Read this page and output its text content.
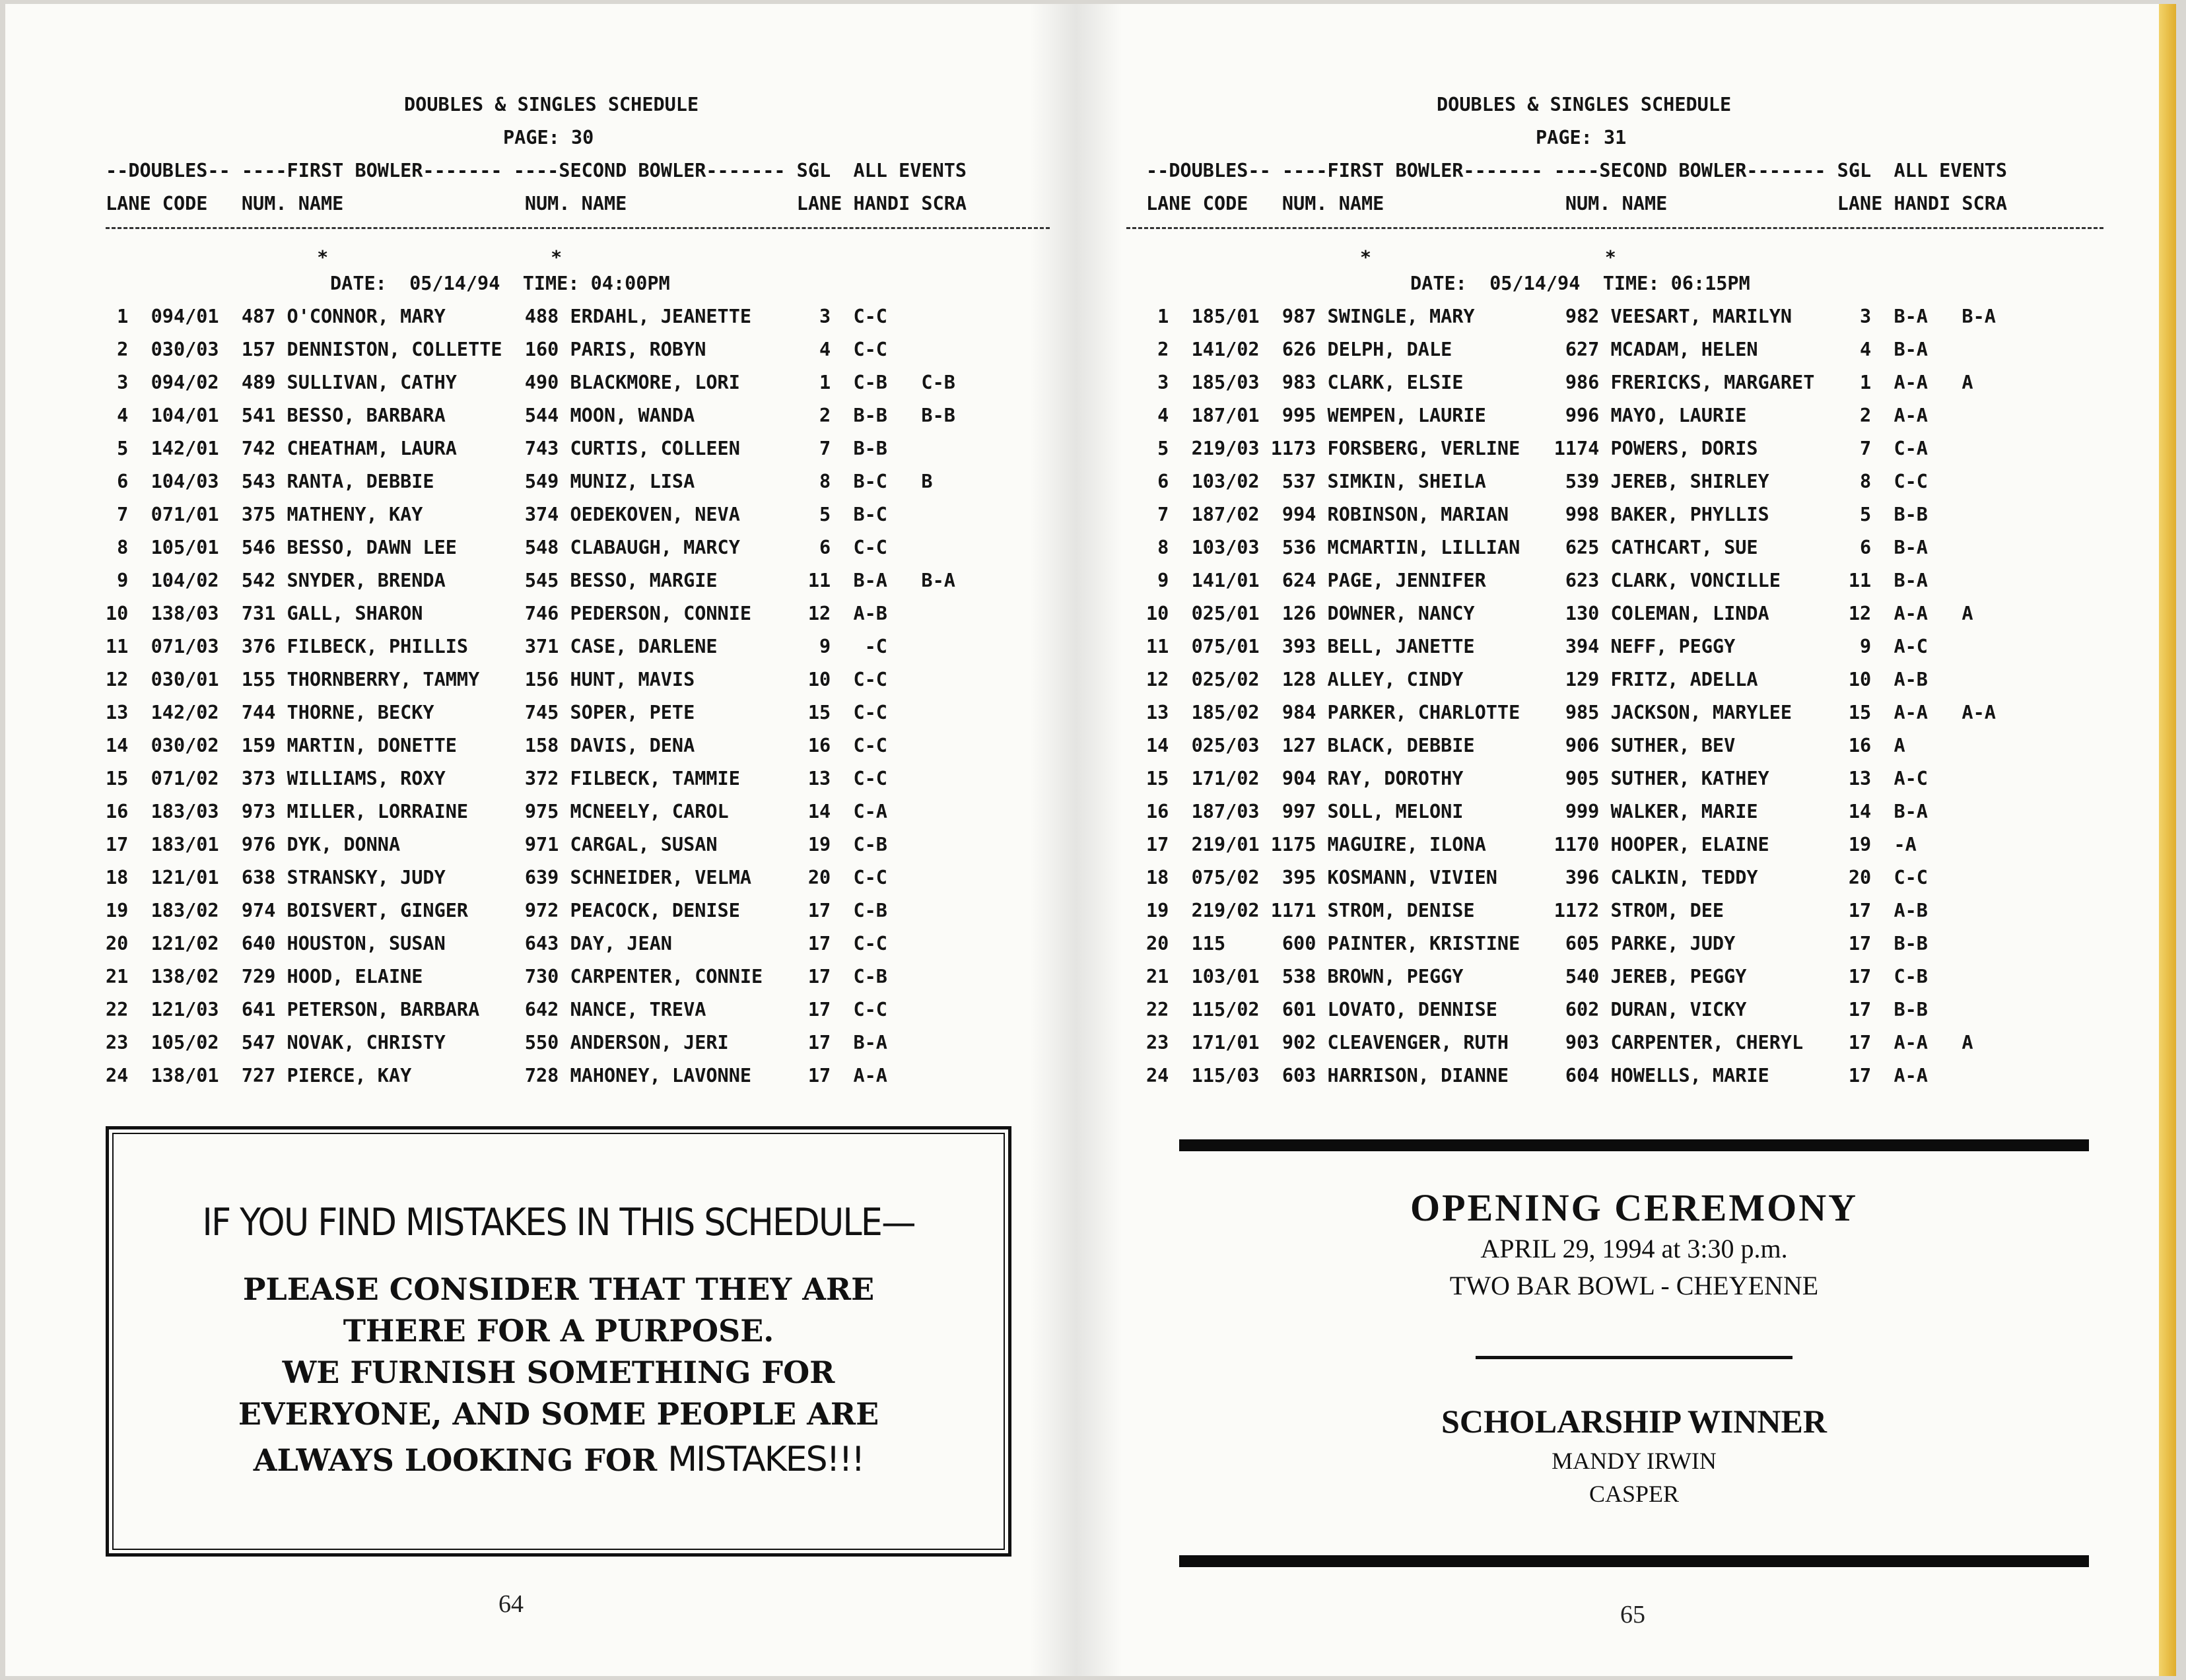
DOUBLES & SINGLES SCHEDULE
PAGE: 30
--DOUBLES-- ----FIRST BOWLER------- ----SECOND BOWLER------- SGL  ALL EVENTS
LANE CODE   NUM. NAME                NUM. NAME               LANE HANDI SCRA
*                    *
DATE:  05/14/94  TIME: 04:00PM
1  094/01  487 O'CONNOR, MARY       488 ERDAHL, JEANETTE      3  C-C
2  030/03  157 DENNISTON, COLLETTE  160 PARIS, ROBYN          4  C-C
3  094/02  489 SULLIVAN, CATHY      490 BLACKMORE, LORI       1  C-B   C-B
4  104/01  541 BESSO, BARBARA       544 MOON, WANDA           2  B-B   B-B
5  142/01  742 CHEATHAM, LAURA      743 CURTIS, COLLEEN       7  B-B
6  104/03  543 RANTA, DEBBIE        549 MUNIZ, LISA           8  B-C   B
7  071/01  375 MATHENY, KAY         374 OEDEKOVEN, NEVA       5  B-C
8  105/01  546 BESSO, DAWN LEE      548 CLABAUGH, MARCY       6  C-C
9  104/02  542 SNYDER, BRENDA       545 BESSO, MARGIE        11  B-A   B-A
10  138/03  731 GALL, SHARON         746 PEDERSON, CONNIE     12  A-B
11  071/03  376 FILBECK, PHILLIS     371 CASE, DARLENE         9   -C
12  030/01  155 THORNBERRY, TAMMY    156 HUNT, MAVIS          10  C-C
13  142/02  744 THORNE, BECKY        745 SOPER, PETE          15  C-C
14  030/02  159 MARTIN, DONETTE      158 DAVIS, DENA          16  C-C
15  071/02  373 WILLIAMS, ROXY       372 FILBECK, TAMMIE      13  C-C
16  183/03  973 MILLER, LORRAINE     975 MCNEELY, CAROL       14  C-A
17  183/01  976 DYK, DONNA           971 CARGAL, SUSAN        19  C-B
18  121/01  638 STRANSKY, JUDY       639 SCHNEIDER, VELMA     20  C-C
19  183/02  974 BOISVERT, GINGER     972 PEACOCK, DENISE      17  C-B
20  121/02  640 HOUSTON, SUSAN       643 DAY, JEAN            17  C-C
21  138/02  729 HOOD, ELAINE         730 CARPENTER, CONNIE    17  C-B
22  121/03  641 PETERSON, BARBARA    642 NANCE, TREVA         17  C-C
23  105/02  547 NOVAK, CHRISTY       550 ANDERSON, JERI       17  B-A
24  138/01  727 PIERCE, KAY          728 MAHONEY, LAVONNE     17  A-A
IF YOU FIND MISTAKES IN THIS SCHEDULE—
PLEASE CONSIDER THAT THEY ARE
THERE FOR A PURPOSE.
WE FURNISH SOMETHING FOR
EVERYONE, AND SOME PEOPLE ARE
ALWAYS LOOKING FOR MISTAKES!!!
64
DOUBLES & SINGLES SCHEDULE
PAGE: 31
--DOUBLES-- ----FIRST BOWLER------- ----SECOND BOWLER------- SGL  ALL EVENTS
LANE CODE   NUM. NAME                NUM. NAME               LANE HANDI SCRA
*                     *
DATE:  05/14/94  TIME: 06:15PM
1  185/01  987 SWINGLE, MARY        982 VEESART, MARILYN      3  B-A   B-A
2  141/02  626 DELPH, DALE          627 MCADAM, HELEN         4  B-A
3  185/03  983 CLARK, ELSIE         986 FRERICKS, MARGARET    1  A-A   A
4  187/01  995 WEMPEN, LAURIE       996 MAYO, LAURIE          2  A-A
5  219/03 1173 FORSBERG, VERLINE   1174 POWERS, DORIS         7  C-A
6  103/02  537 SIMKIN, SHEILA       539 JEREB, SHIRLEY        8  C-C
7  187/02  994 ROBINSON, MARIAN     998 BAKER, PHYLLIS        5  B-B
8  103/03  536 MCMARTIN, LILLIAN    625 CATHCART, SUE         6  B-A
9  141/01  624 PAGE, JENNIFER       623 CLARK, VONCILLE      11  B-A
10  025/01  126 DOWNER, NANCY        130 COLEMAN, LINDA       12  A-A   A
11  075/01  393 BELL, JANETTE        394 NEFF, PEGGY           9  A-C
12  025/02  128 ALLEY, CINDY         129 FRITZ, ADELLA        10  A-B
13  185/02  984 PARKER, CHARLOTTE    985 JACKSON, MARYLEE     15  A-A   A-A
14  025/03  127 BLACK, DEBBIE        906 SUTHER, BEV          16  A
15  171/02  904 RAY, DOROTHY         905 SUTHER, KATHEY       13  A-C
16  187/03  997 SOLL, MELONI         999 WALKER, MARIE        14  B-A
17  219/01 1175 MAGUIRE, ILONA      1170 HOOPER, ELAINE       19  -A
18  075/02  395 KOSMANN, VIVIEN      396 CALKIN, TEDDY        20  C-C
19  219/02 1171 STROM, DENISE       1172 STROM, DEE           17  A-B
20  115     600 PAINTER, KRISTINE    605 PARKE, JUDY          17  B-B
21  103/01  538 BROWN, PEGGY         540 JEREB, PEGGY         17  C-B
22  115/02  601 LOVATO, DENNISE      602 DURAN, VICKY         17  B-B
23  171/01  902 CLEAVENGER, RUTH     903 CARPENTER, CHERYL    17  A-A   A
24  115/03  603 HARRISON, DIANNE     604 HOWELLS, MARIE       17  A-A
OPENING CEREMONY
APRIL 29, 1994 at 3:30 p.m.
TWO BAR BOWL - CHEYENNE
SCHOLARSHIP WINNER
MANDY IRWIN
CASPER
65
